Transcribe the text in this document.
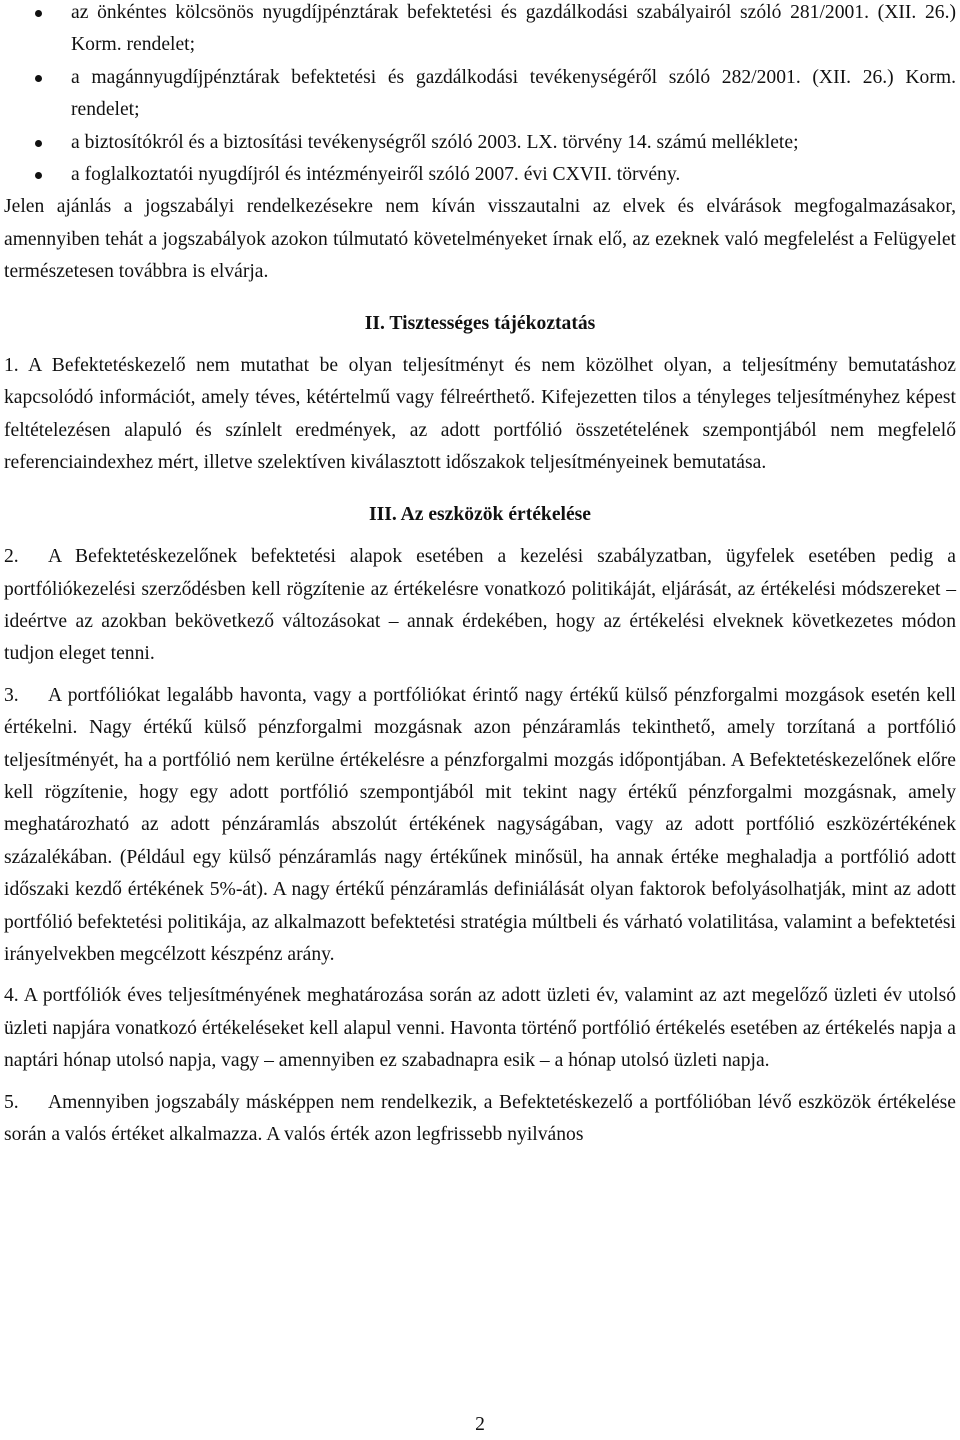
az önkéntes kölcsönös nyugdíjpénztárak befektetési és gazdálkodási szabályairól szóló 281/2001. (XII. 26.) Korm. rendelet;
a magánnyugdíjpénztárak befektetési és gazdálkodási tevékenységéről szóló 282/2001. (XII. 26.) Korm. rendelet;
a biztosítókról és a biztosítási tevékenységről szóló 2003. LX. törvény 14. számú melléklete;
a foglalkoztatói nyugdíjról és intézményeiről szóló 2007. évi CXVII. törvény.

Jelen ajánlás a jogszabályi rendelkezésekre nem kíván visszautalni az elvek és elvárások megfogalmazásakor, amennyiben tehát a jogszabályok azokon túlmutató követelményeket írnak elő, az ezeknek való megfelelést a Felügyelet természetesen továbbra is elvárja.

II. Tisztességes tájékoztatás

1. A Befektetéskezelő nem mutathat be olyan teljesítményt és nem közölhet olyan, a teljesítmény bemutatáshoz kapcsolódó információt, amely téves, kétértelmű vagy félreérthető. Kifejezetten tilos a tényleges teljesítményhez képest feltételezésen alapuló és színlelt eredmények, az adott portfólió összetételének szempontjából nem megfelelő referenciaindexhez mért, illetve szelektíven kiválasztott időszakok teljesítményeinek bemutatása.

III. Az eszközök értékelése

2. A Befektetéskezelőnek befektetési alapok esetében a kezelési szabályzatban, ügyfelek esetében pedig a portfóliókezelési szerződésben kell rögzítenie az értékelésre vonatkozó politikáját, eljárását, az értékelési módszereket – ideértve az azokban bekövetkező változásokat – annak érdekében, hogy az értékelési elveknek következetes módon tudjon eleget tenni.

3. A portfóliókat legalább havonta, vagy a portfóliókat érintő nagy értékű külső pénzforgalmi mozgások esetén kell értékelni. Nagy értékű külső pénzforgalmi mozgásnak azon pénzáramlás tekinthető, amely torzítaná a portfólió teljesítményét, ha a portfólió nem kerülne értékelésre a pénzforgalmi mozgás időpontjában. A Befektetéskezelőnek előre kell rögzítenie, hogy egy adott portfólió szempontjából mit tekint nagy értékű pénzforgalmi mozgásnak, amely meghatározható az adott pénzáramlás abszolút értékének nagyságában, vagy az adott portfólió eszközértékének százalékában. (Például egy külső pénzáramlás nagy értékűnek minősül, ha annak értéke meghaladja a portfólió adott időszaki kezdő értékének 5%-át). A nagy értékű pénzáramlás definiálását olyan faktorok befolyásolhatják, mint az adott portfólió befektetési politikája, az alkalmazott befektetési stratégia múltbeli és várható volatilitása, valamint a befektetési irányelvekben megcélzott készpénz arány.

4. A portfóliók éves teljesítményének meghatározása során az adott üzleti év, valamint az azt megelőző üzleti év utolsó üzleti napjára vonatkozó értékeléseket kell alapul venni. Havonta történő portfólió értékelés esetében az értékelés napja a naptári hónap utolsó napja, vagy – amennyiben ez szabadnapra esik – a hónap utolsó üzleti napja.

5. Amennyiben jogszabály másképpen nem rendelkezik, a Befektetéskezelő a portfólióban lévő eszközök értékelése során a valós értéket alkalmazza. A valós érték azon legfrissebb nyilvános

2
